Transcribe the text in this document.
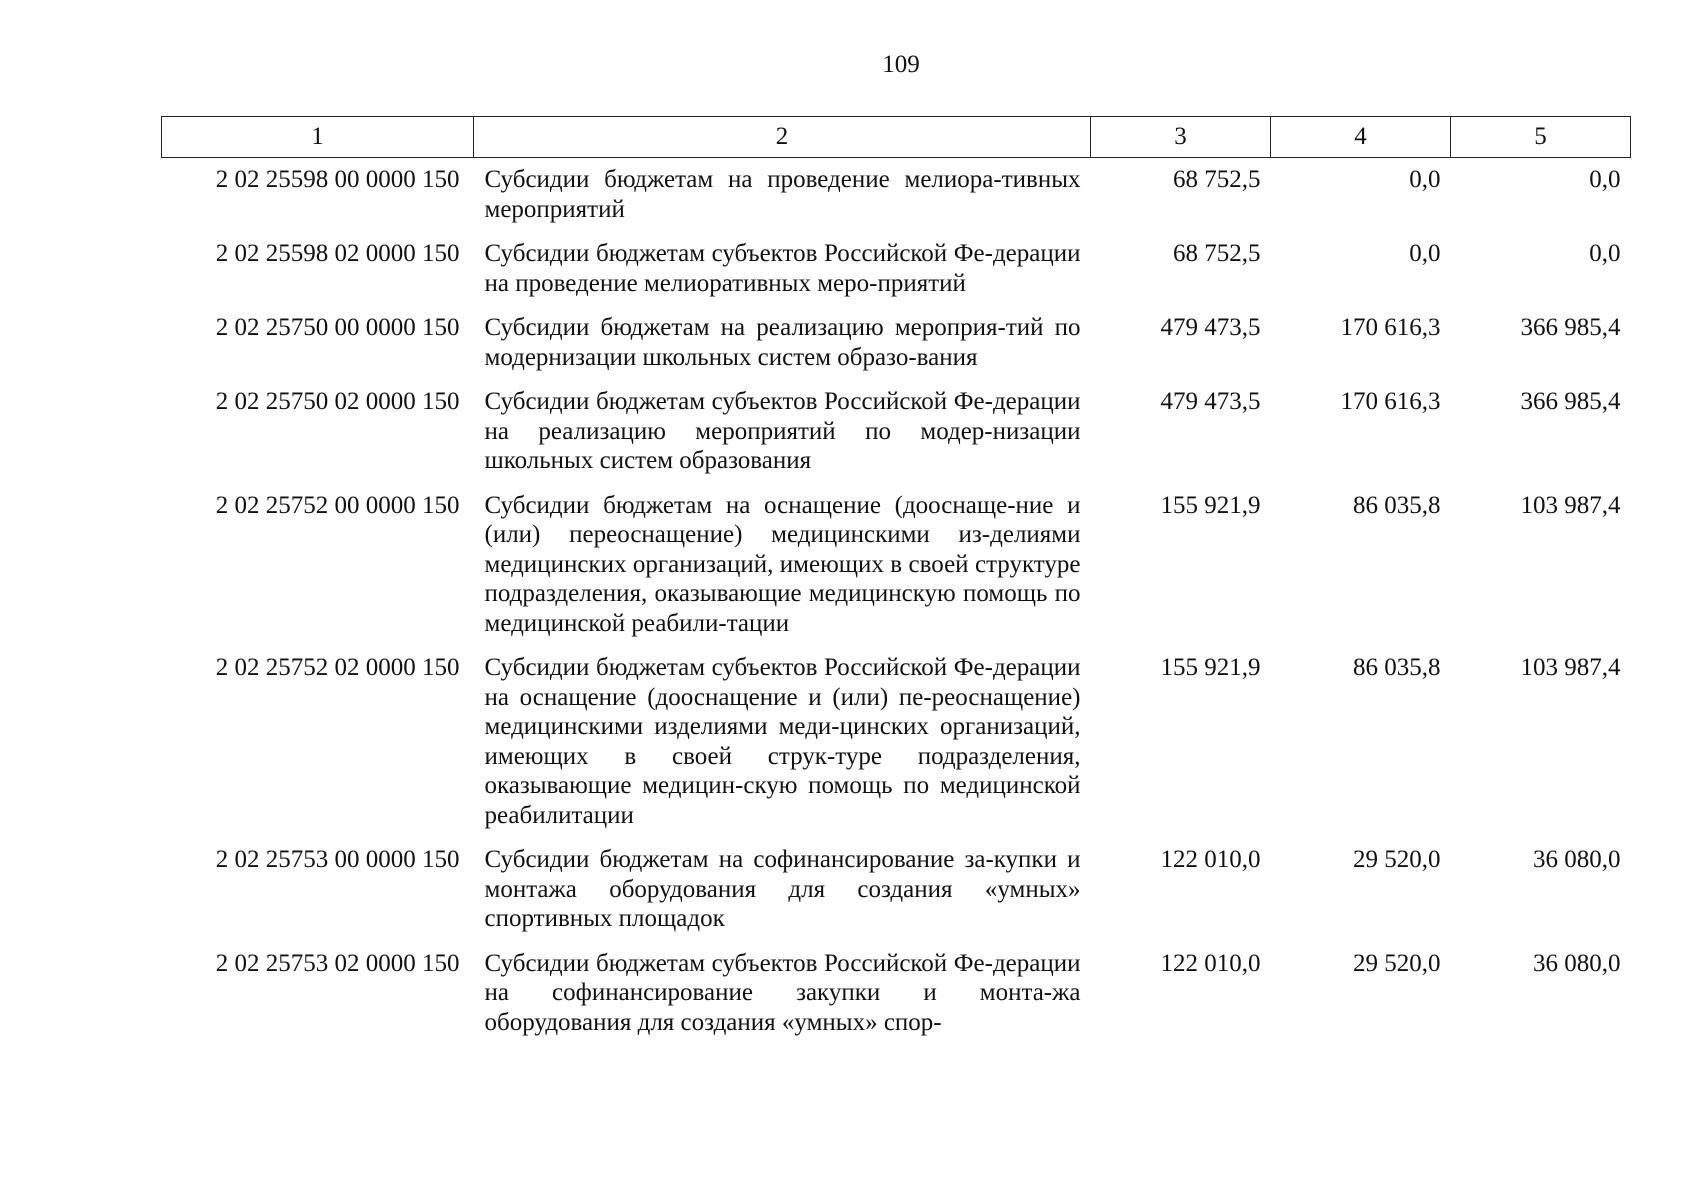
109
1	2	3	4	5
2 02 25598 00 0000 150	Субсидии бюджетам на проведение мелиора-тивных мероприятий	68 752,5	0,0	0,0
2 02 25598 02 0000 150	Субсидии бюджетам субъектов Российской Фе-дерации на проведение мелиоративных меро-приятий	68 752,5	0,0	0,0
2 02 25750 00 0000 150	Субсидии бюджетам на реализацию мероприя-тий по модернизации школьных систем образо-вания	479 473,5	170 616,3	366 985,4
2 02 25750 02 0000 150	Субсидии бюджетам субъектов Российской Фе-дерации на реализацию мероприятий по модер-низации школьных систем образования	479 473,5	170 616,3	366 985,4
2 02 25752 00 0000 150	Субсидии бюджетам на оснащение (дооснаще-ние и (или) переоснащение) медицинскими из-делиями медицинских организаций, имеющих в своей структуре подразделения, оказывающие медицинскую помощь по медицинской реабили-тации	155 921,9	86 035,8	103 987,4
2 02 25752 02 0000 150	Субсидии бюджетам субъектов Российской Фе-дерации на оснащение (дооснащение и (или) пе-реоснащение) медицинскими изделиями меди-цинских организаций, имеющих в своей струк-туре подразделения, оказывающие медицин-скую помощь по медицинской реабилитации	155 921,9	86 035,8	103 987,4
2 02 25753 00 0000 150	Субсидии бюджетам на софинансирование за-купки и монтажа оборудования для создания «умных» спортивных площадок	122 010,0	29 520,0	36 080,0
2 02 25753 02 0000 150	Субсидии бюджетам субъектов Российской Фе-дерации на софинансирование закупки и монта-жа оборудования для создания «умных» спор-	122 010,0	29 520,0	36 080,0
